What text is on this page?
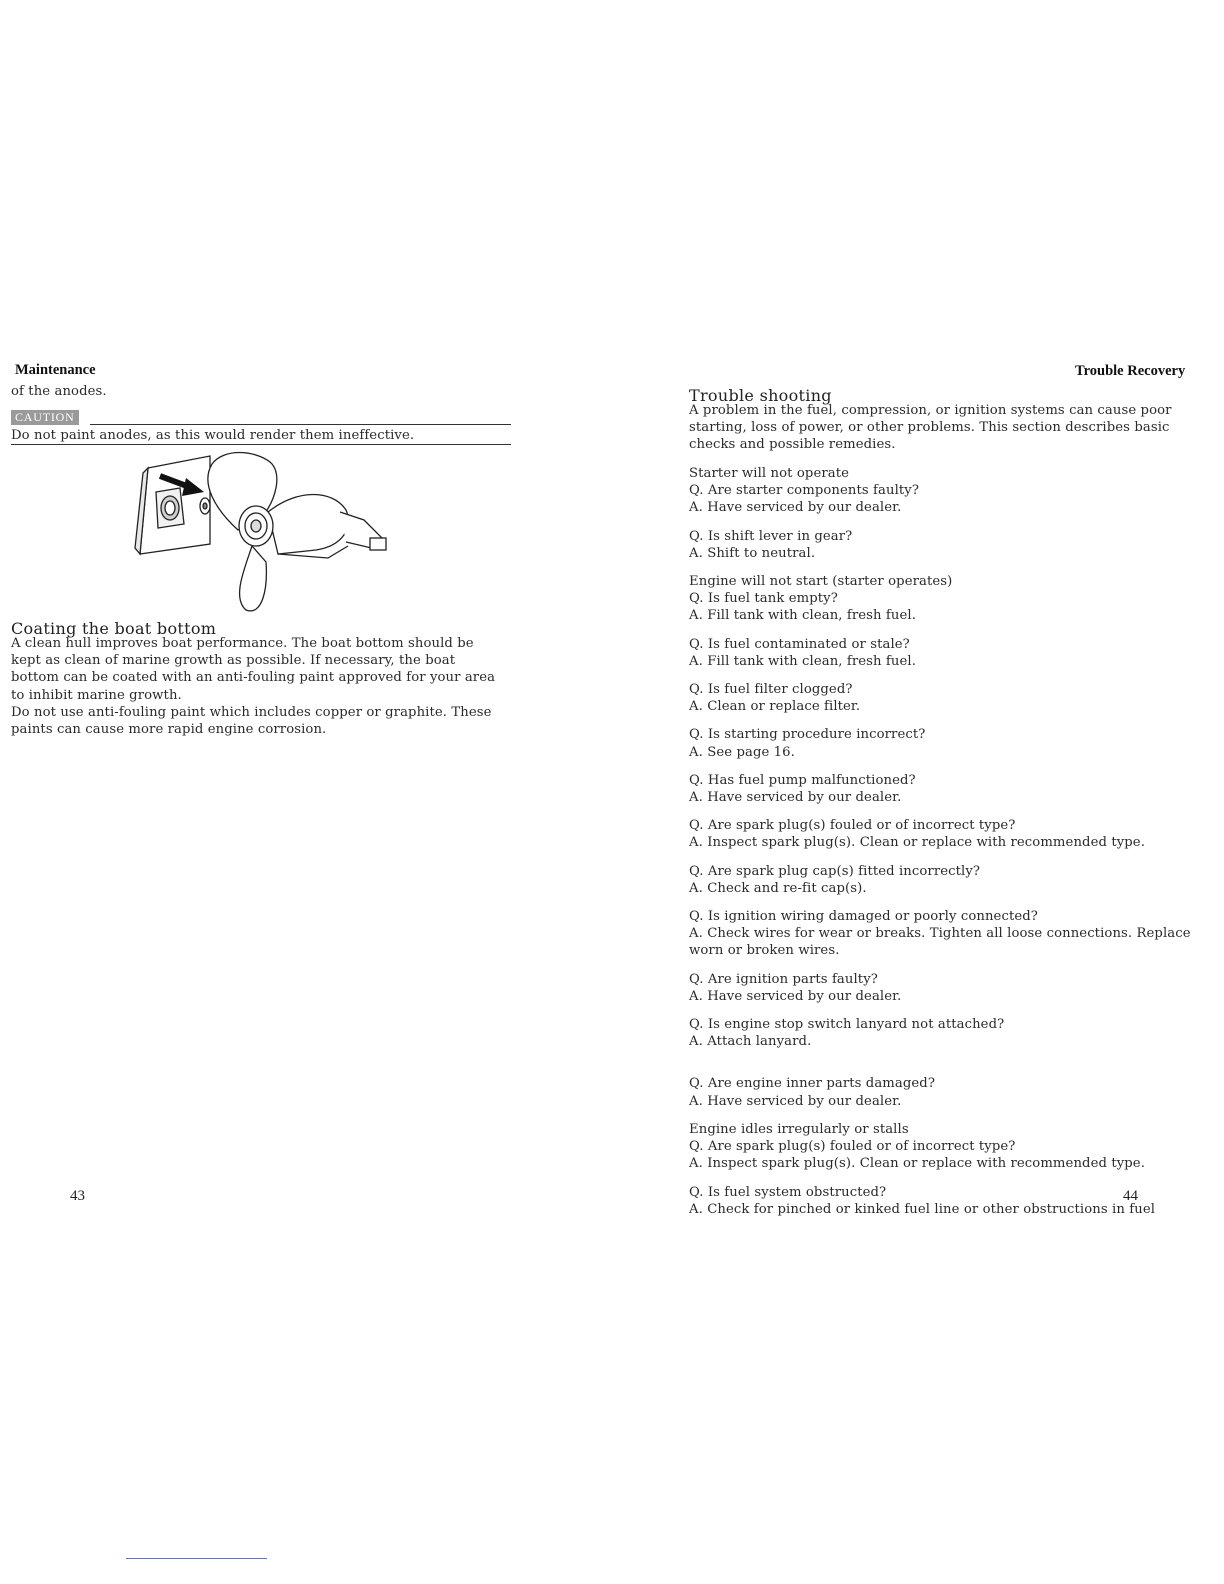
Maintenance
of the anodes.
CAUTION
Do not paint anodes, as this would render them ineffective.
Coating the boat bottom

A clean hull improves boat performance. The boat bottom should be kept as clean of marine growth as possible. If necessary, the boat bottom can be coated with an anti-fouling paint approved for your area to inhibit marine growth.

Do not use anti-fouling paint which includes copper or graphite. These paints can cause more rapid engine corrosion.

43
Trouble Recovery
Trouble shooting
A problem in the fuel, compression, or ignition systems can cause poor starting, loss of power, or other problems. This section describes basic checks and possible remedies.

Starter will not operate

Q. Are starter components faulty?

A. Have serviced by our dealer.

Q. Is shift lever in gear?

A. Shift to neutral.

Engine will not start (starter operates)

Q. Is fuel tank empty?

A. Fill tank with clean, fresh fuel.

Q. Is fuel contaminated or stale?

A. Fill tank with clean, fresh fuel.

Q. Is fuel filter clogged?

A. Clean or replace filter.

Q. Is starting procedure incorrect?

A. See page 16.

Q. Has fuel pump malfunctioned?

A. Have serviced by our dealer.

Q. Are spark plug(s) fouled or of incorrect type?

A. Inspect spark plug(s). Clean or replace with recommended type.

Q. Are spark plug cap(s) fitted incorrectly?

A. Check and re-fit cap(s).

Q. Is ignition wiring damaged or poorly connected?

A. Check wires for wear or breaks. Tighten all loose connections. Replace worn or broken wires.

Q. Are ignition parts faulty?

A. Have serviced by our dealer.

Q. Is engine stop switch lanyard not attached?

A. Attach lanyard.

Q. Are engine inner parts damaged?

A. Have serviced by our dealer.

Engine idles irregularly or stalls

Q. Are spark plug(s) fouled or of incorrect type?

A. Inspect spark plug(s). Clean or replace with recommended type.

Q. Is fuel system obstructed?

A. Check for pinched or kinked fuel line or other obstructions in fuel

44
